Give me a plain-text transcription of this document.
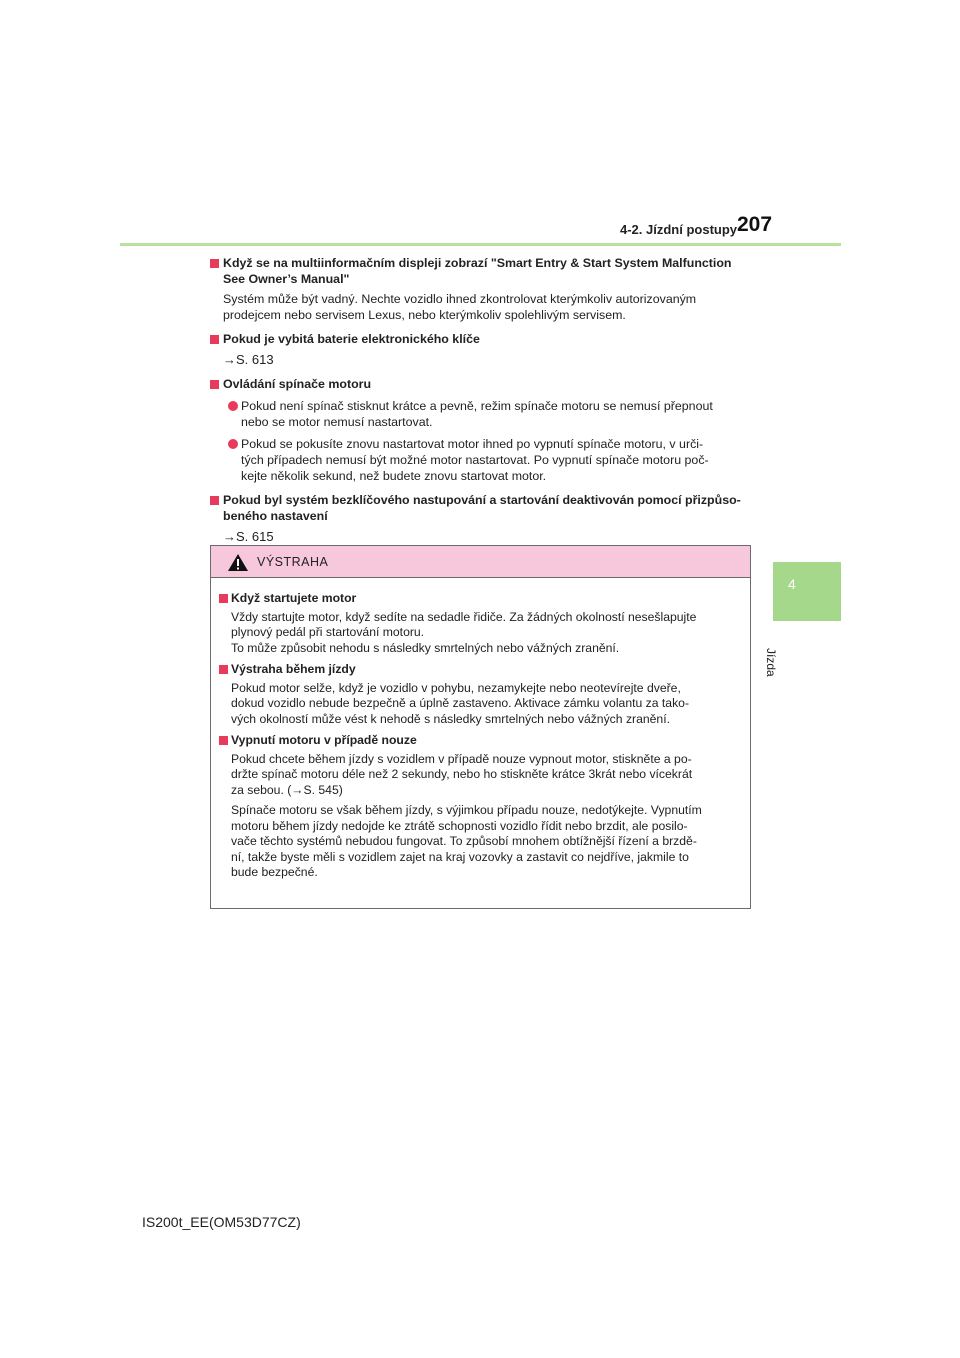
4-2. Jízdní postupy 207
4
Jízda
Když se na multiinformačním displeji zobrazí "Smart Entry & Start System Malfunction
See Owner’s Manual"
Systém může být vadný. Nechte vozidlo ihned zkontrolovat kterýmkoliv autorizovaným
prodejcem nebo servisem Lexus, nebo kterýmkoliv spolehlivým servisem.
Pokud je vybitá baterie elektronického klíče
→S. 613
Ovládání spínače motoru
Pokud není spínač stisknut krátce a pevně, režim spínače motoru se nemusí přepnout
nebo se motor nemusí nastartovat.
Pokud se pokusíte znovu nastartovat motor ihned po vypnutí spínače motoru, v urči-
tých případech nemusí být možné motor nastartovat. Po vypnutí spínače motoru poč-
kejte několik sekund, než budete znovu startovat motor.
Pokud byl systém bezklíčového nastupování a startování deaktivován pomocí přizpůso-
beného nastavení
→S. 615
VÝSTRAHA
Když startujete motor
Vždy startujte motor, když sedíte na sedadle řidiče. Za žádných okolností nesešlapujte
plynový pedál při startování motoru.
To může způsobit nehodu s následky smrtelných nebo vážných zranění.
Výstraha během jízdy
Pokud motor selže, když je vozidlo v pohybu, nezamykejte nebo neotevírejte dveře,
dokud vozidlo nebude bezpečně a úplně zastaveno. Aktivace zámku volantu za tako-
vých okolností může vést k nehodě s následky smrtelných nebo vážných zranění.
Vypnutí motoru v případě nouze
Pokud chcete během jízdy s vozidlem v případě nouze vypnout motor, stiskněte a po-
držte spínač motoru déle než 2 sekundy, nebo ho stiskněte krátce 3krát nebo vícekrát
za sebou. (→S. 545)
Spínače motoru se však během jízdy, s výjimkou případu nouze, nedotýkejte. Vypnutím
motoru během jízdy nedojde ke ztrátě schopnosti vozidlo řídit nebo brzdit, ale posilo-
vače těchto systémů nebudou fungovat. To způsobí mnohem obtížnější řízení a brzdě-
ní, takže byste měli s vozidlem zajet na kraj vozovky a zastavit co nejdříve, jakmile to
bude bezpečné.
IS200t_EE(OM53D77CZ)
